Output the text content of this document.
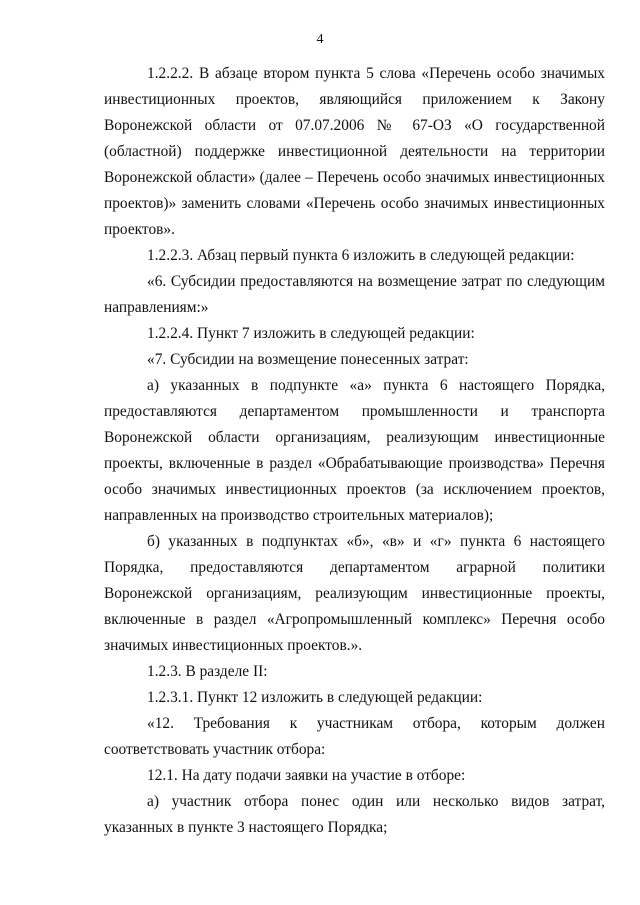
4

1.2.2.2. В абзаце втором пункта 5 слова «Перечень особо значимых инвестиционных проектов, являющийся приложением к Закону Воронежской области от 07.07.2006 № 67-ОЗ «О государственной (областной) поддержке инвестиционной деятельности на территории Воронежской области» (далее – Перечень особо значимых инвестиционных проектов)» заменить словами «Перечень особо значимых инвестиционных проектов».

1.2.2.3. Абзац первый пункта 6 изложить в следующей редакции:

«6. Субсидии предоставляются на возмещение затрат по следующим направлениям:»

1.2.2.4. Пункт 7 изложить в следующей редакции:

«7. Субсидии на возмещение понесенных затрат:

а) указанных в подпункте «а» пункта 6 настоящего Порядка, предоставляются департаментом промышленности и транспорта Воронежской области организациям, реализующим инвестиционные проекты, включенные в раздел «Обрабатывающие производства» Перечня особо значимых инвестиционных проектов (за исключением проектов, направленных на производство строительных материалов);

б) указанных в подпунктах «б», «в» и «г» пункта 6 настоящего Порядка, предоставляются департаментом аграрной политики Воронежской организациям, реализующим инвестиционные проекты, включенные в раздел «Агропромышленный комплекс» Перечня особо значимых инвестиционных проектов.».

1.2.3. В разделе II:

1.2.3.1. Пункт 12 изложить в следующей редакции:

«12. Требования к участникам отбора, которым должен соответствовать участник отбора:

12.1. На дату подачи заявки на участие в отборе:

а) участник отбора понес один или несколько видов затрат, указанных в пункте 3 настоящего Порядка;
